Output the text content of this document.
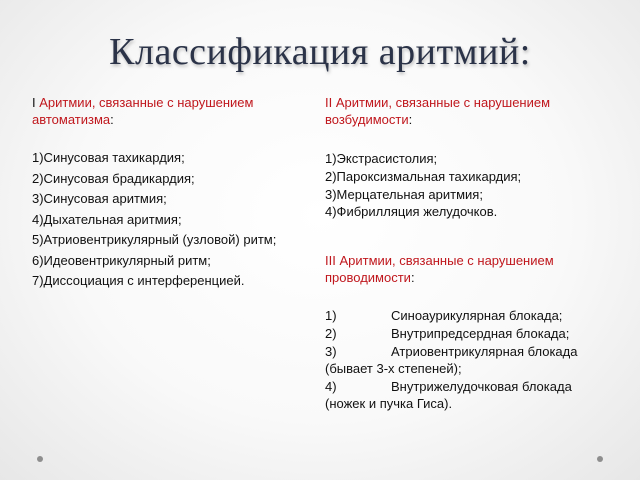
Классификация аритмий:
I Аритмии, связанные с нарушением автоматизма:
1)Синусовая тахикардия;
2)Синусовая брадикардия;
3)Синусовая аритмия;
4)Дыхательная аритмия;
5)Атриовентрикулярный (узловой) ритм;
6)Идеовентрикулярный ритм;
7)Диссоциация с интерференцией.
II Аритмии, связанные с нарушением возбудимости:
1)Экстрасистолия;
2)Пароксизмальная тахикардия;
3)Мерцательная аритмия;
4)Фибрилляция желудочков.
III Аритмии, связанные с нарушением проводимости:
1)	Синоаурикулярная блокада;
2)	Внутрипредсердная блокада;
3)	Атриовентрикулярная блокада (бывает 3-х степеней);
4)	Внутрижелудочковая блокада (ножек и пучка Гиса).
